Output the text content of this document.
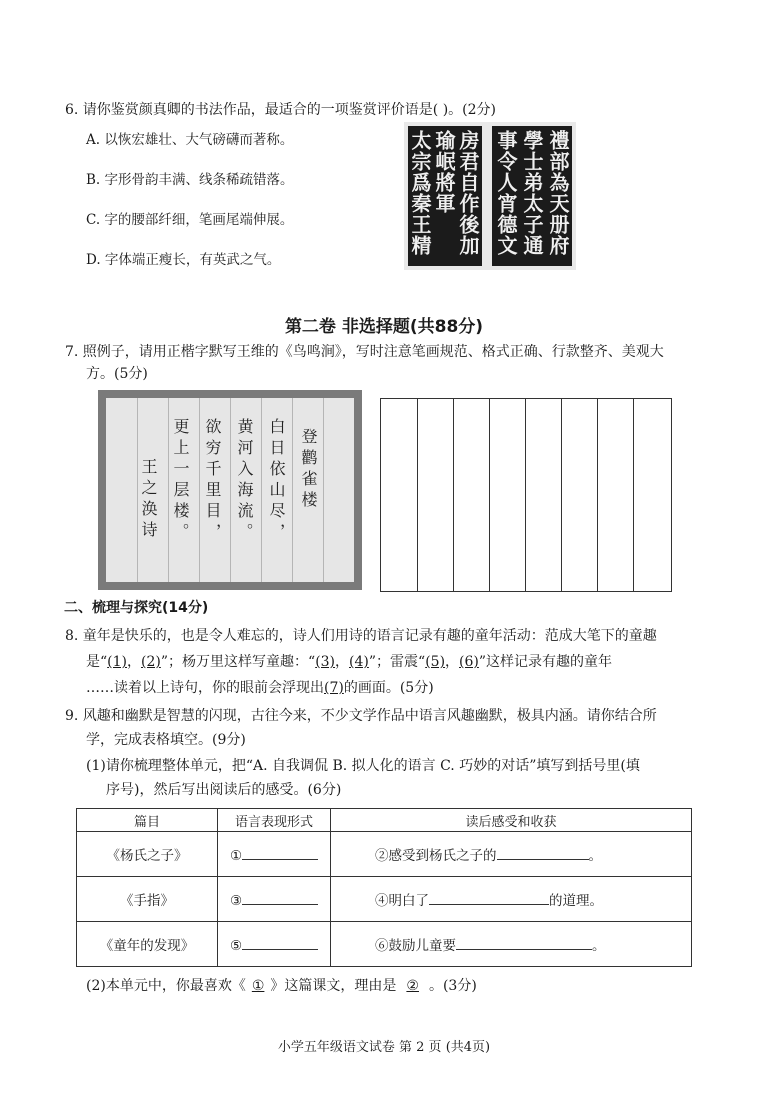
6. 请你鉴赏颜真卿的书法作品，最适合的一项鉴赏评价语是( )。(2分)
A. 以恢宏雄壮、大气磅礴而著称。
B. 字形骨韵丰满、线条稀疏错落。
C. 字的腰部纤细，笔画尾端伸展。
D. 字体端正瘦长，有英武之气。
太宗爲秦王精 瑜岷將軍 房君自作後加 事令人宵德文 學士弟太子通 禮部為天册府
第二卷 非选择题(共88分)
7. 照例子，请用正楷字默写王维的《鸟鸣涧》，写时注意笔画规范、格式正确、行款整齐、美观大
方。(5分)
登鹳雀楼
白日依山尽，
黄河入海流。
欲穷千里目，
更上一层楼。
王之涣诗
二、梳理与探究(14分)
8. 童年是快乐的，也是令人难忘的，诗人们用诗的语言记录有趣的童年活动：范成大笔下的童趣
是“(1)，(2)”；杨万里这样写童趣：“(3)，(4)”；雷震“(5)，(6)”这样记录有趣的童年
……读着以上诗句，你的眼前会浮现出(7)的画面。(5分)
9. 风趣和幽默是智慧的闪现，古往今来，不少文学作品中语言风趣幽默，极具内涵。请你结合所
学，完成表格填空。(9分)
(1)请你梳理整体单元，把“A. 自我调侃 B. 拟人化的语言 C. 巧妙的对话”填写到括号里(填
序号)，然后写出阅读后的感受。(6分)
篇目	语言表现形式	读后感受和收获
《杨氏之子》	①	②感受到杨氏之子的 。
《手指》	③	④明白了 的道理。
《童年的发现》	⑤	⑥鼓励儿童要 。
(2)本单元中，你最喜欢《 ① 》这篇课文，理由是 ② 。(3分)
小学五年级语文试卷 第 2 页 (共4页)
